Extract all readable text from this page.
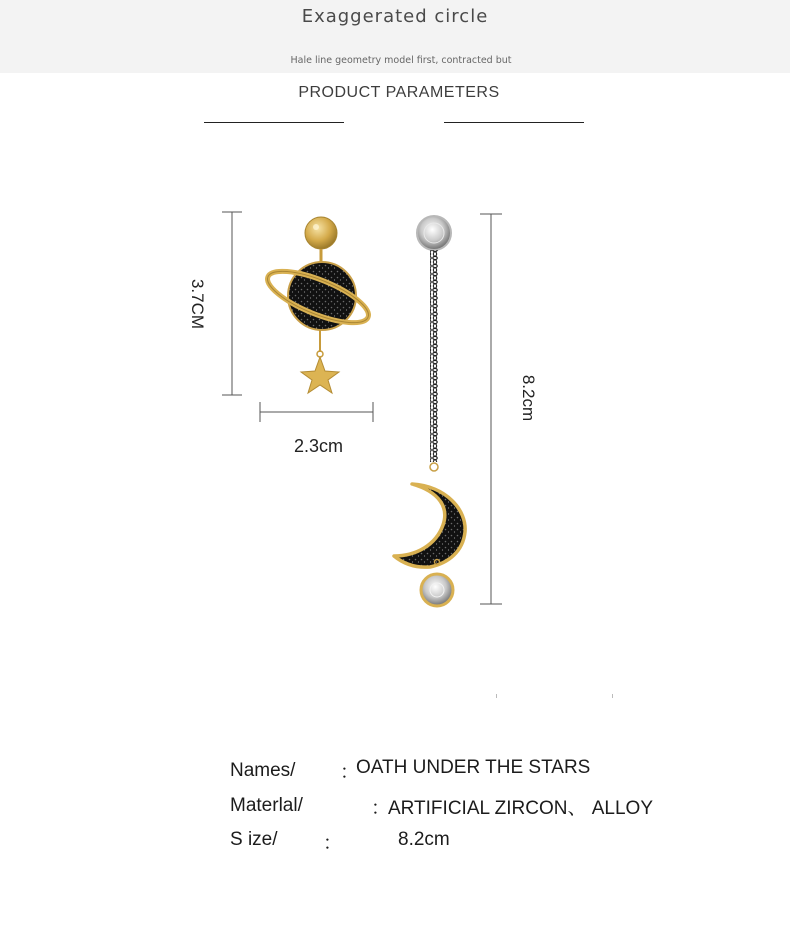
Exaggerated circle
Hale line geometry model first, contracted but
PRODUCT PARAMETERS
3.7CM
2.3cm
8.2cm
Names/ ：
OATH UNDER THE STARS
Materlal/	：
ARTIFICIAL ZIRCON、 ALLOY
S ize/ ：	8.2cm
